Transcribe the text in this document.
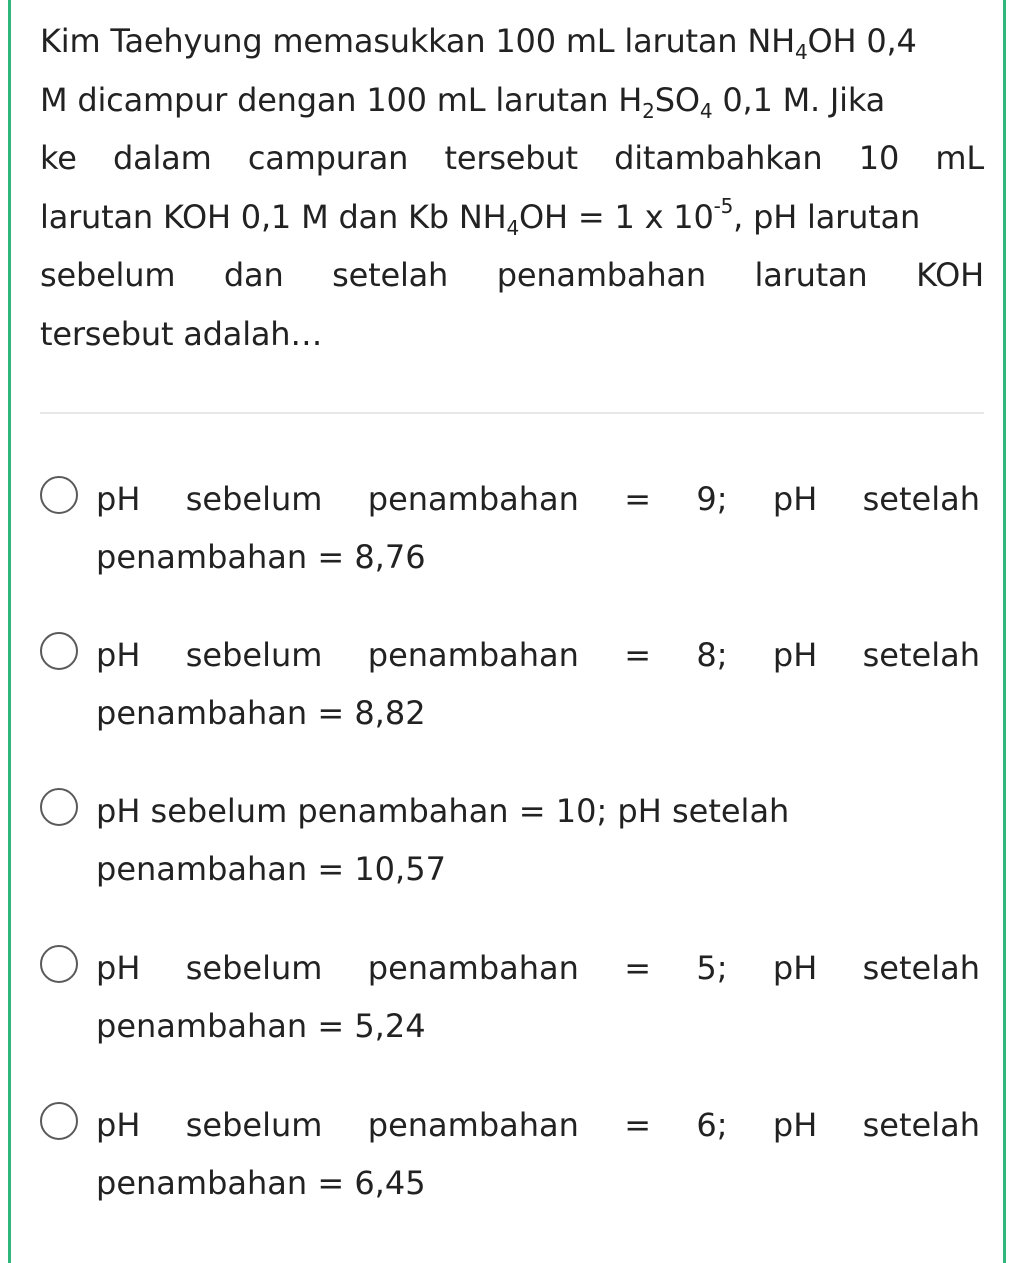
Kim Taehyung memasukkan 100 mL larutan $NH_4OH$ 0,4
M dicampur dengan 100 mL larutan $H_2SO_4$ 0,1 M. Jika
ke dalam campuran tersebut ditambahkan 10 mL
larutan KOH 0,1 M dan Kb $NH_4OH = 1$ x $10^{-5}$, pH larutan
sebelum dan setelah penambahan larutan KOH
tersebut adalah…
pH sebelum penambahan = 9; pH setelah
penambahan = 8,76
pH sebelum penambahan = 8; pH setelah
penambahan = 8,82
pH sebelum penambahan = 10; pH setelah
penambahan = 10,57
pH sebelum penambahan = 5; pH setelah
penambahan = 5,24
pH sebelum penambahan = 6; pH setelah
penambahan = 6,45
